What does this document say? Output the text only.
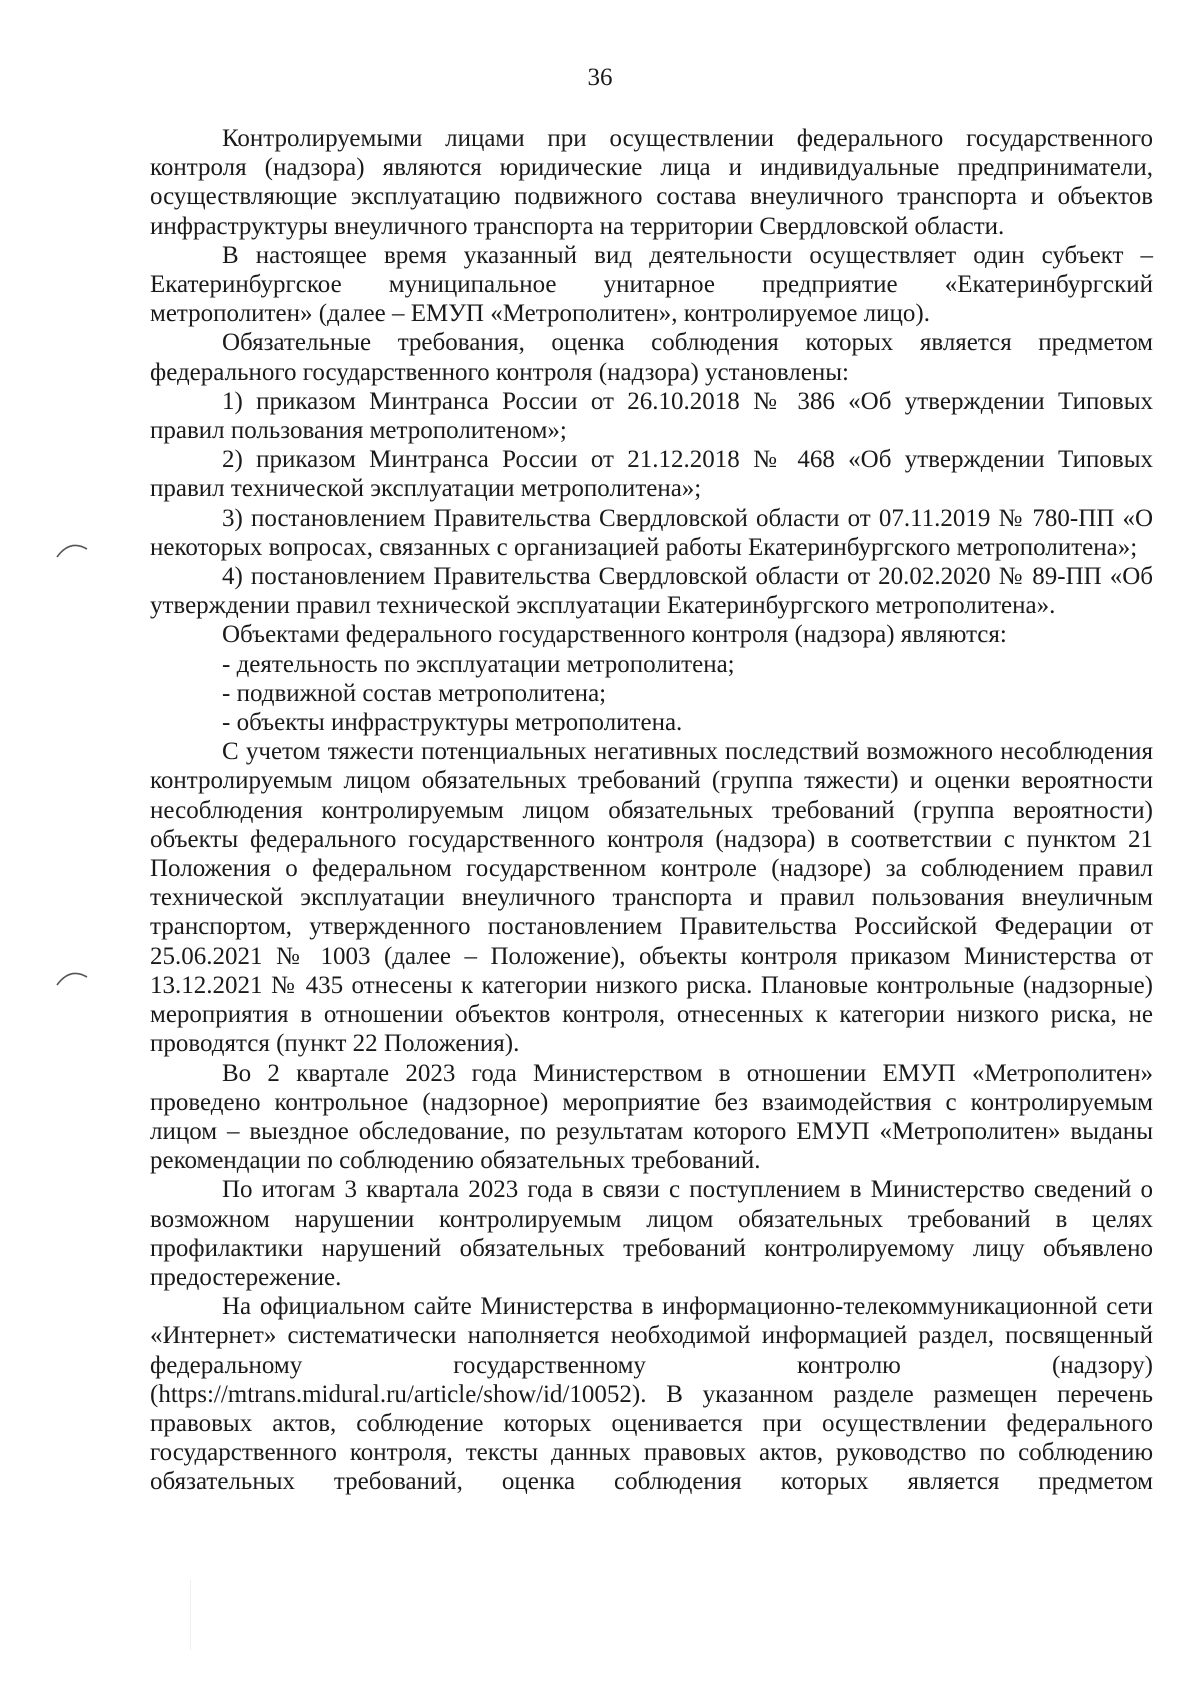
36

Контролируемыми лицами при осуществлении федерального государственного контроля (надзора) являются юридические лица и индивидуальные предприниматели, осуществляющие эксплуатацию подвижного состава внеуличного транспорта и объектов инфраструктуры внеуличного транспорта на территории Свердловской области.

В настоящее время указанный вид деятельности осуществляет один субъект – Екатеринбургское муниципальное унитарное предприятие «Екатеринбургский метрополитен» (далее – ЕМУП «Метрополитен», контролируемое лицо).

Обязательные требования, оценка соблюдения которых является предметом федерального государственного контроля (надзора) установлены:

1) приказом Минтранса России от 26.10.2018 № 386 «Об утверждении Типовых правил пользования метрополитеном»;

2) приказом Минтранса России от 21.12.2018 № 468 «Об утверждении Типовых правил технической эксплуатации метрополитена»;

3) постановлением Правительства Свердловской области от 07.11.2019 № 780-ПП «О некоторых вопросах, связанных с организацией работы Екатеринбургского метрополитена»;

4) постановлением Правительства Свердловской области от 20.02.2020 № 89-ПП «Об утверждении правил технической эксплуатации Екатеринбургского метрополитена».

Объектами федерального государственного контроля (надзора) являются:

- деятельность по эксплуатации метрополитена;

- подвижной состав метрополитена;

- объекты инфраструктуры метрополитена.

С учетом тяжести потенциальных негативных последствий возможного несоблюдения контролируемым лицом обязательных требований (группа тяжести) и оценки вероятности несоблюдения контролируемым лицом обязательных требований (группа вероятности) объекты федерального государственного контроля (надзора) в соответствии с пунктом 21 Положения о федеральном государственном контроле (надзоре) за соблюдением правил технической эксплуатации внеуличного транспорта и правил пользования внеуличным транспортом, утвержденного постановлением Правительства Российской Федерации от 25.06.2021 № 1003 (далее – Положение), объекты контроля приказом Министерства от 13.12.2021 № 435 отнесены к категории низкого риска. Плановые контрольные (надзорные) мероприятия в отношении объектов контроля, отнесенных к категории низкого риска, не проводятся (пункт 22 Положения).

Во 2 квартале 2023 года Министерством в отношении ЕМУП «Метрополитен» проведено контрольное (надзорное) мероприятие без взаимодействия с контролируемым лицом – выездное обследование, по результатам которого ЕМУП «Метрополитен» выданы рекомендации по соблюдению обязательных требований.

По итогам 3 квартала 2023 года в связи с поступлением в Министерство сведений о возможном нарушении контролируемым лицом обязательных требований в целях профилактики нарушений обязательных требований контролируемому лицу объявлено предостережение.

На официальном сайте Министерства в информационно-телекоммуникационной сети «Интернет» систематически наполняется необходимой информацией раздел, посвященный федеральному государственному контролю (надзору) (https://mtrans.midural.ru/article/show/id/10052). В указанном разделе размещен перечень правовых актов, соблюдение которых оценивается при осуществлении федерального государственного контроля, тексты данных правовых актов, руководство по соблюдению обязательных требований, оценка соблюдения которых является предметом
